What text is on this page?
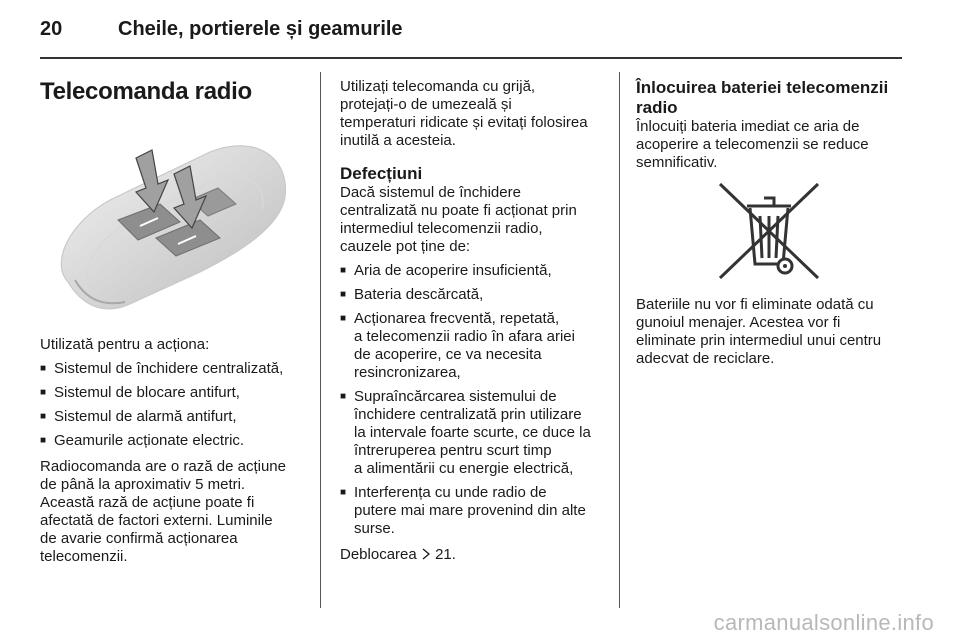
20	Cheile, portierele și geamurile
Telecomanda radio

Utilizată pentru a acționa:

■ Sistemul de închidere centralizată,
■ Sistemul de blocare antifurt,
■ Sistemul de alarmă antifurt,
■ Geamurile acționate electric.

Radiocomanda are o rază de acțiune

de până la aproximativ 5 metri.

Această rază de acțiune poate fi

afectată de factori externi. Luminile

de avarie confirmă acționarea

telecomenzii.

Utilizați telecomanda cu grijă,

protejați-o de umezeală și

temperaturi ridicate și evitați folosirea

inutilă a acesteia.

Defecțiuni

Dacă sistemul de închidere

centralizată nu poate fi acționat prin

intermediul telecomenzii radio,

cauzele pot ține de:

■ Aria de acoperire insuficientă,
■ Bateria descărcată,
■ Acționarea frecventă, repetată,
a telecomenzii radio în afara ariei
de acoperire, ce va necesita
resincronizarea,
■ Supraîncărcarea sistemului de
închidere centralizată prin utilizare
la intervale foarte scurte, ce duce la
întreruperea pentru scurt timp
a alimentării cu energie electrică,
■ Interferența cu unde radio de
putere mai mare provenind din alte
surse.

Deblocarea 21.

Înlocuirea bateriei telecomenzii
radio

Înlocuiți bateria imediat ce aria de

acoperire a telecomenzii se reduce

semnificativ.

Bateriile nu vor fi eliminate odată cu

gunoiul menajer. Acestea vor fi

eliminate prin intermediul unui centru

adecvat de reciclare.

carmanualsonline.info
